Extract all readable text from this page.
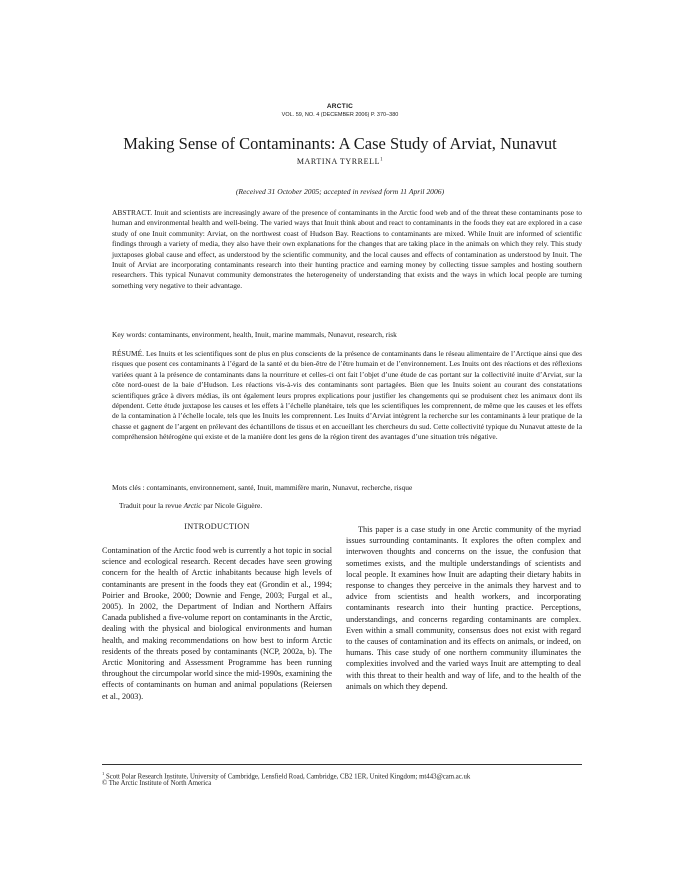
ARCTIC
VOL. 59, NO. 4 (DECEMBER 2006) P. 370–380
Making Sense of Contaminants: A Case Study of Arviat, Nunavut
MARTINA TYRRELL$^1$
(Received 31 October 2005; accepted in revised form 11 April 2006)
ABSTRACT. Inuit and scientists are increasingly aware of the presence of contaminants in the Arctic food web and of the threat these contaminants pose to human and environmental health and well-being. The varied ways that Inuit think about and react to contaminants in the foods they eat are explored in a case study of one Inuit community: Arviat, on the northwest coast of Hudson Bay. Reactions to contaminants are mixed. While Inuit are informed of scientific findings through a variety of media, they also have their own explanations for the changes that are taking place in the animals on which they rely. This study juxtaposes global cause and effect, as understood by the scientific community, and the local causes and effects of contamination as understood by Inuit. The Inuit of Arviat are incorporating contaminants research into their hunting practice and earning money by collecting tissue samples and hosting southern researchers. This typical Nunavut community demonstrates the heterogeneity of understanding that exists and the ways in which local people are turning something very negative to their advantage.
Key words: contaminants, environment, health, Inuit, marine mammals, Nunavut, research, risk
RÉSUMÉ. Les Inuits et les scientifiques sont de plus en plus conscients de la présence de contaminants dans le réseau alimentaire de l’Arctique ainsi que des risques que posent ces contaminants à l’égard de la santé et du bien-être de l’être humain et de l’environnement. Les Inuits ont des réactions et des réflexions variées quant à la présence de contaminants dans la nourriture et celles-ci ont fait l’objet d’une étude de cas portant sur la collectivité inuite d’Arviat, sur la côte nord-ouest de la baie d’Hudson. Les réactions vis-à-vis des contaminants sont partagées. Bien que les Inuits soient au courant des constatations scientifiques grâce à divers médias, ils ont également leurs propres explications pour justifier les changements qui se produisent chez les animaux dont ils dépendent. Cette étude juxtapose les causes et les effets à l’échelle planétaire, tels que les scientifiques les comprennent, de même que les causes et les effets de la contamination à l’échelle locale, tels que les Inuits les comprennent. Les Inuits d’Arviat intègrent la recherche sur les contaminants à leur pratique de la chasse et gagnent de l’argent en prélevant des échantillons de tissus et en accueillant les chercheurs du sud. Cette collectivité typique du Nunavut atteste de la compréhension hétérogène qui existe et de la manière dont les gens de la région tirent des avantages d’une situation très négative.
Mots clés : contaminants, environnement, santé, Inuit, mammifère marin, Nunavut, recherche, risque
Traduit pour la revue Arctic par Nicole Giguère.
INTRODUCTION
Contamination of the Arctic food web is currently a hot topic in social science and ecological research. Recent decades have seen growing concern for the health of Arctic inhabitants because high levels of contaminants are present in the foods they eat (Grondin et al., 1994; Poirier and Brooke, 2000; Downie and Fenge, 2003; Furgal et al., 2005). In 2002, the Department of Indian and Northern Affairs Canada published a five-volume report on contaminants in the Arctic, dealing with the physical and biological environments and human health, and making recommendations on how best to inform Arctic residents of the threats posed by contaminants (NCP, 2002a, b). The Arctic Monitoring and Assessment Programme has been running throughout the circumpolar world since the mid-1990s, examining the effects of contaminants on human and animal populations (Reiersen et al., 2003).
This paper is a case study in one Arctic community of the myriad issues surrounding contaminants. It explores the often complex and interwoven thoughts and concerns on the issue, the confusion that sometimes exists, and the multiple understandings of scientists and local people. It examines how Inuit are adapting their dietary habits in response to changes they perceive in the animals they harvest and to advice from scientists and health workers, and incorporating contaminants research into their hunting practice. Perceptions, understandings, and concerns regarding contaminants are complex. Even within a small community, consensus does not exist with regard to the causes of contamination and its effects on animals, or indeed, on humans. This case study of one northern community illuminates the complexities involved and the varied ways Inuit are attempting to deal with this threat to their health and way of life, and to the health of the animals on which they depend.
$^1$ Scott Polar Research Institute, University of Cambridge, Lensfield Road, Cambridge, CB2 1ER, United Kingdom; mt443@cam.ac.uk
© The Arctic Institute of North America
